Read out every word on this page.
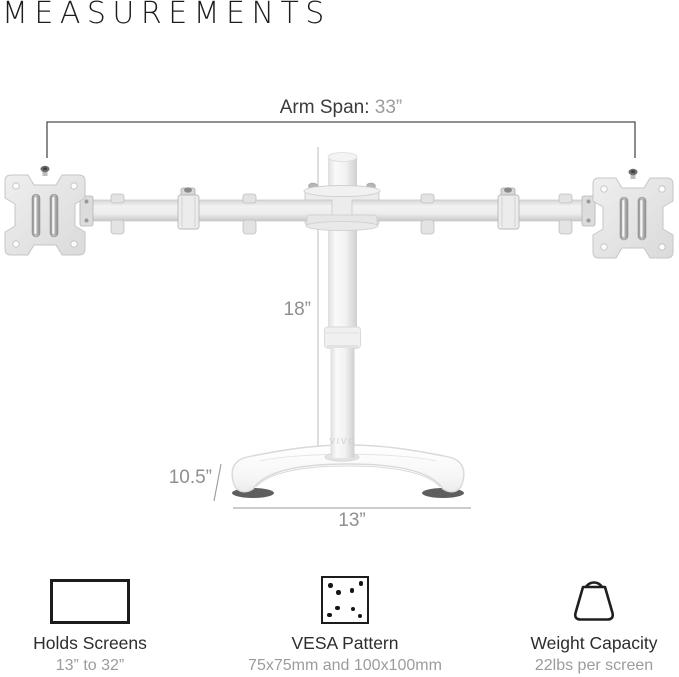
MEASUREMENTS
Arm Span: 33”
18”
10.5”
13”
VIVO
Holds Screens
13” to 32”
VESA Pattern
75x75mm and 100x100mm
Weight Capacity
22lbs per screen
